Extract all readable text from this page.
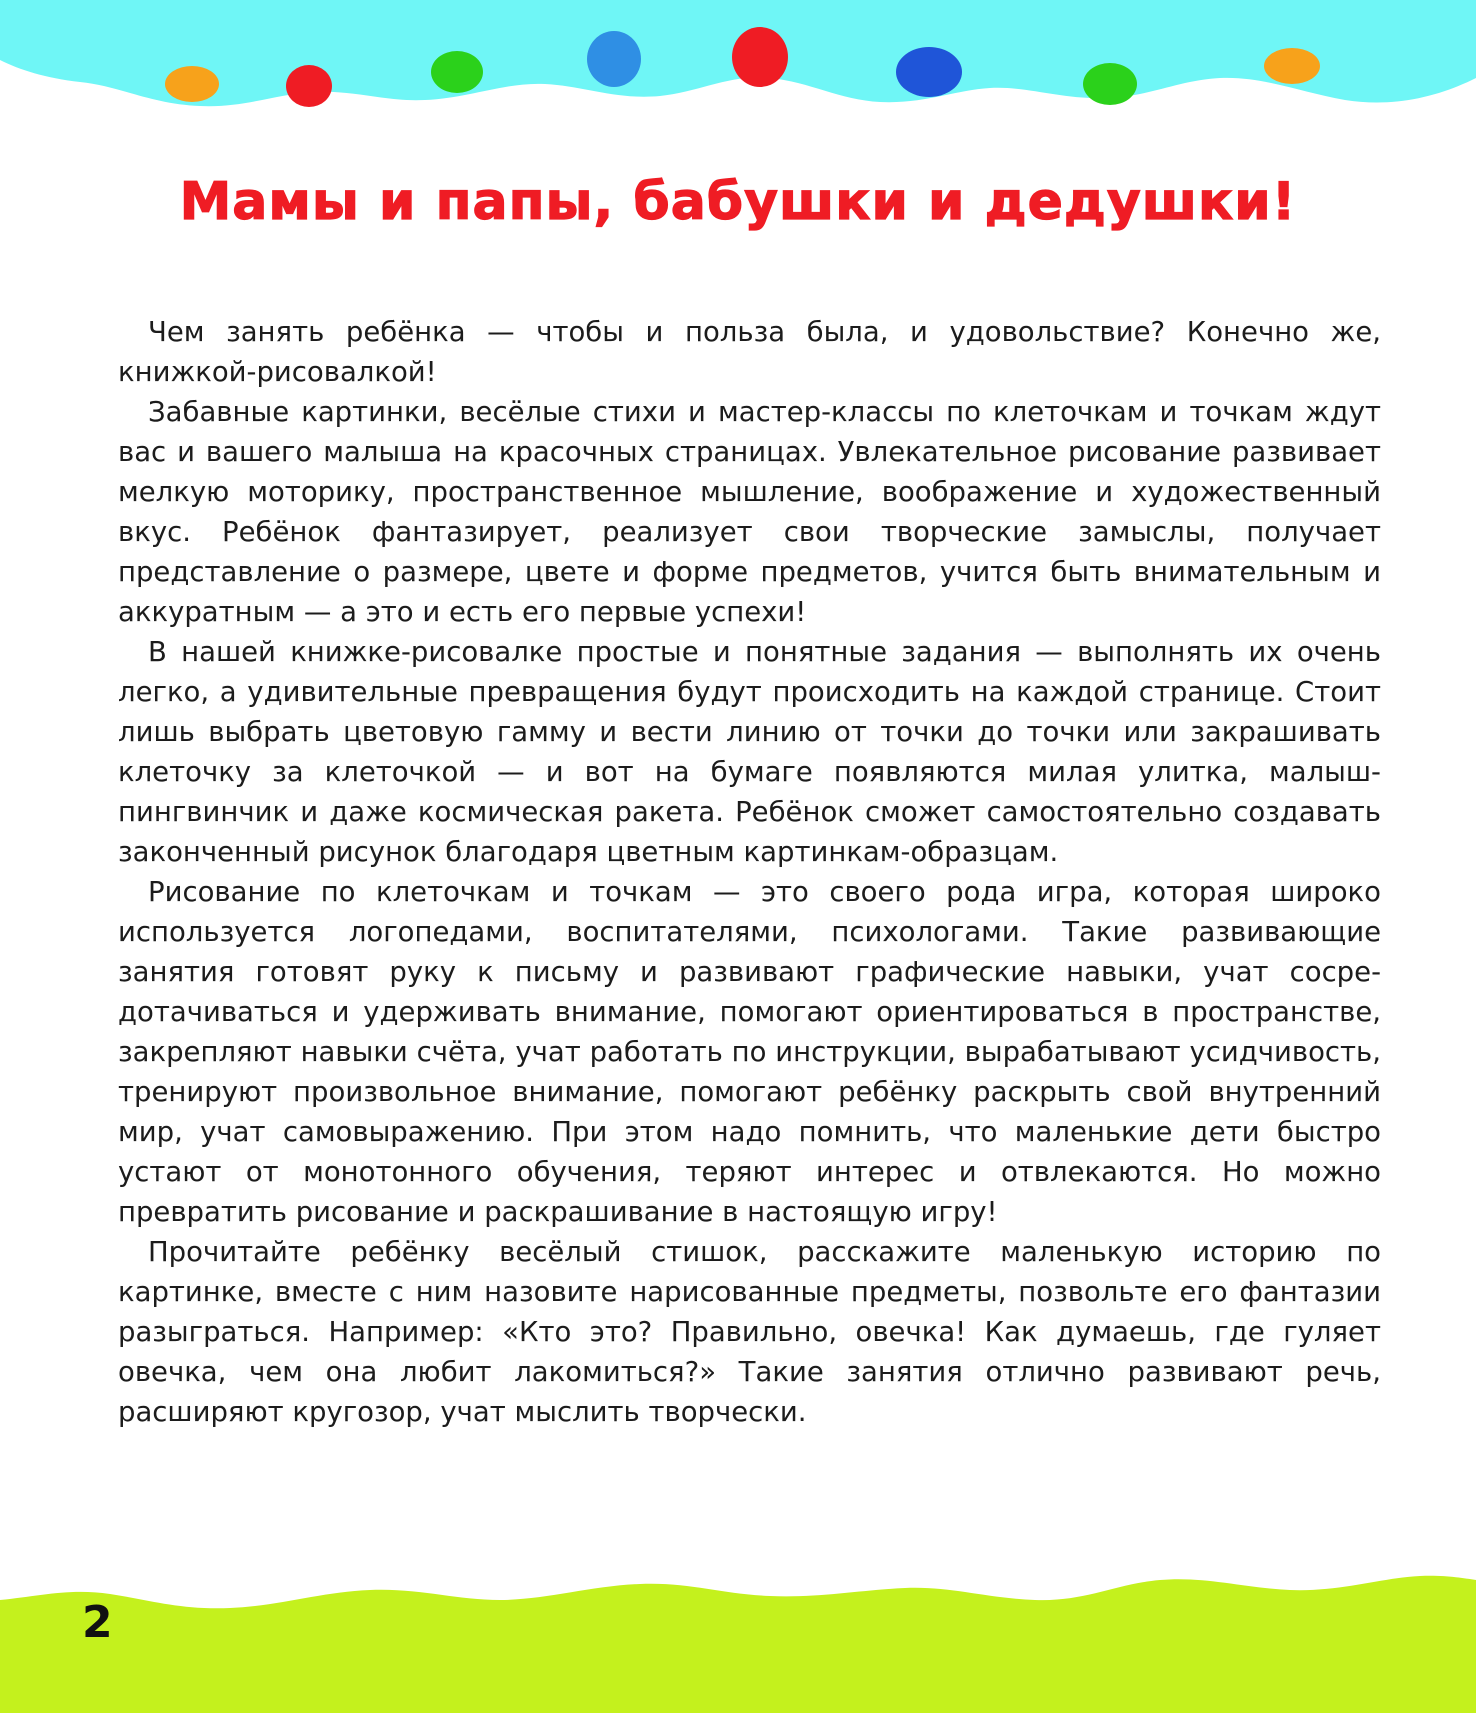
Мамы и папы, бабушки и дедушки!

Чем занять ребёнка — чтобы и польза была, и удовольствие? Конечно же, книжкой-рисовалкой!

Забавные картинки, весёлые стихи и мастер-классы по клеточкам и точкам ждут вас и вашего малыша на красочных страницах. Увлекательное рисование развивает мелкую моторику, пространственное мышление, воображение и художественный вкус. Ребёнок фантазирует, реализует свои творческие замыслы, получает представление о размере, цвете и форме предметов, учится быть внимательным и аккуратным — а это и есть его первые успехи!

В нашей книжке-рисовалке простые и понятные задания — выполнять их очень легко, а удивительные превращения будут происходить на каждой странице. Стоит лишь выбрать цветовую гамму и вести линию от точки до точки или закрашивать клеточку за клеточкой — и вот на бумаге появляются милая улитка, малыш-пингвинчик и даже космическая ракета. Ребёнок сможет самостоятельно создавать законченный рисунок благодаря цветным картинкам-образцам.

Рисование по клеточкам и точкам — это своего рода игра, которая широко используется логопедами, воспитателями, психологами. Такие развивающие занятия готовят руку к письму и развивают графические навыки, учат сосредотачиваться и удерживать внимание, помогают ориентироваться в пространстве, закрепляют навыки счёта, учат работать по инструкции, вырабатывают усидчивость, тренируют произвольное внимание, помогают ребёнку раскрыть свой внутренний мир, учат самовыражению. При этом надо помнить, что маленькие дети быстро устают от монотонного обучения, теряют интерес и отвлекаются. Но можно превратить рисование и раскрашивание в настоящую игру!

Прочитайте ребёнку весёлый стишок, расскажите маленькую историю по картинке, вместе с ним назовите нарисованные предметы, позвольте его фантазии разыграться. Например: «Кто это? Правильно, овечка! Как думаешь, где гуляет овечка, чем она любит лакомиться?» Такие занятия отлично развивают речь, расширяют кругозор, учат мыслить творчески.

2
